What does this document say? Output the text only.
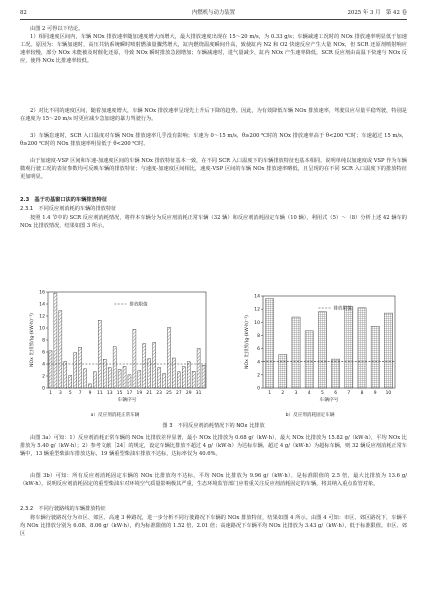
82	内燃机与动力装置	2025 年 3 月　第 42 卷

由图 2 可得以下结论。

1）相同速度区间内，车辆 NOx 排放速率随加速度增大而增大，最大排放速度出现在 15～20 m/s，为 0.33 g/s；车辆减速工况时的 NOx 排放速率明显低于加速工况。原因为：车辆加速时，高压共轨系统瞬时喷射燃油量骤然增大，缸内燃烧温度瞬间升高，致使缸内 N2 和 O2 快速反应产生大量 NOx，但 SCR 还原剂喷射响应速率较慢，部分 NOx 未能被及时催化还原，导致 NOx 瞬时排放急剧增加；车辆减速时，进气量减少，缸内 NOx 产生速率降低，SCR 反应剂由高温下快速与 NOx 反应，使得 NOx 比排速率较低。

2）对比不同的速度区间，随着加速度增大，车辆 NOx 排放速率呈现先上升后下降的趋势。因此，为有效降低车辆 NOx 排放速率，驾驶员应尽量平稳驾驶，特别是在速度为 15～20 m/s 时更应减少急加速的暴力驾驶行为。

3）车辆怠速时，SCR 入口温度对车辆 NOx 排放速率几乎没有影响；车速为 0～15 m/s，θ≥200 ℃时的 NOx 排放速率高于 θ<200 ℃时；车速超过 15 m/s，θ≥200 ℃时的 NOx 排放速率明显低于 θ<200 ℃时。

由于加速度-VSP 区间和车速-加速度区间的车辆 NOx 排放特征基本一致，在不同 SCR 入口温度下的车辆排放特征也基本相同，说明单纯以加速度或 VSP 作为车辆微观行驶工况的表征参数均可反映车辆的排放特征；与速度-加速度区间相比，速度-VSP 区间的车辆 NOx 排放速率略低，且呈现的在不同 SCR 入口温度下的排放特征更加明显。

2.3　基于功基窗口法的车辆排放特征

2.3.1　不同反应剂消耗的车辆的排放特征

按照 1.4 节中的 SCR 反应剂消耗情况，将样本车辆分为反应剂消耗正常车辆（32 辆）和反应剂消耗固定车辆（10 辆），利用式（5）～（8）分析上述 42 辆车的 NOx 比排放情况，结果如图 3 所示。

0
2
4
6
8
10
12
14
16
1 3 5 7 9 11 13 15 17 19 21 23 25 27 29 31
排放限值
车辆序号
NOx 比排放/(g·(kW·h)⁻¹)
0
2
4
6
8
10
12
14
1 2 3 4 5 6 7 8 9 10
排放限值
车辆序号
NOx 比排放/(g·(kW·h)⁻¹)
a）反应剂消耗正常车辆	b）反应剂消耗固定车辆
图 3　不同反应剂消耗情况下的 NOx 比排放

由图 3a）可知：1）反应剂消耗正常车辆的 NOx 比排放差异显著，最小 NOx 比排放为 0.68 g/（kW·h），最大 NOx 比排放为 15.82 g/（kW·h），平均 NOx 比排放为 5.40 g/（kW·h）；2）参考文献［24］的规定，设定车辆比排放不超过 4 g/（kW·h）为达标车辆，超过 4 g/（kW·h）为超标车辆，则 32 辆反应剂消耗正常车辆中，13 辆重型柴油车排放达标，19 辆重型柴油车排放不达标，达标率仅为 40.6%。

由图 3b）可知：所有反应剂消耗固定车辆的 NOx 比排放均不达标，平均 NOx 比排放为 9.96 g/（kW·h），是标准限值的 2.5 倍，最大比排放为 13.6 g/（kW·h）。说明反应剂消耗固定的重型柴油车对环境空气质量影响极其严重，生态环境监管部门应着重关注反应剂消耗固定的车辆，将其纳入重点监管对象。

2.3.2　不同行驶路线的车辆排放特征

将车辆行驶路况分为市区、郊区、高速 3 种路况，进一步分析不同行驶路况下车辆的 NOx 排放特征，结果如图 4 所示。由图 4 可知：市区、郊区路况下，车辆平均 NOx 比排放分别为 6.08、8.06 g/（kW·h），约为标准限值的 1.52 倍、2.01 倍；高速路况下车辆平均 NOx 比排放为 3.43 g/（kW·h），低于标准限值。市区、郊区
